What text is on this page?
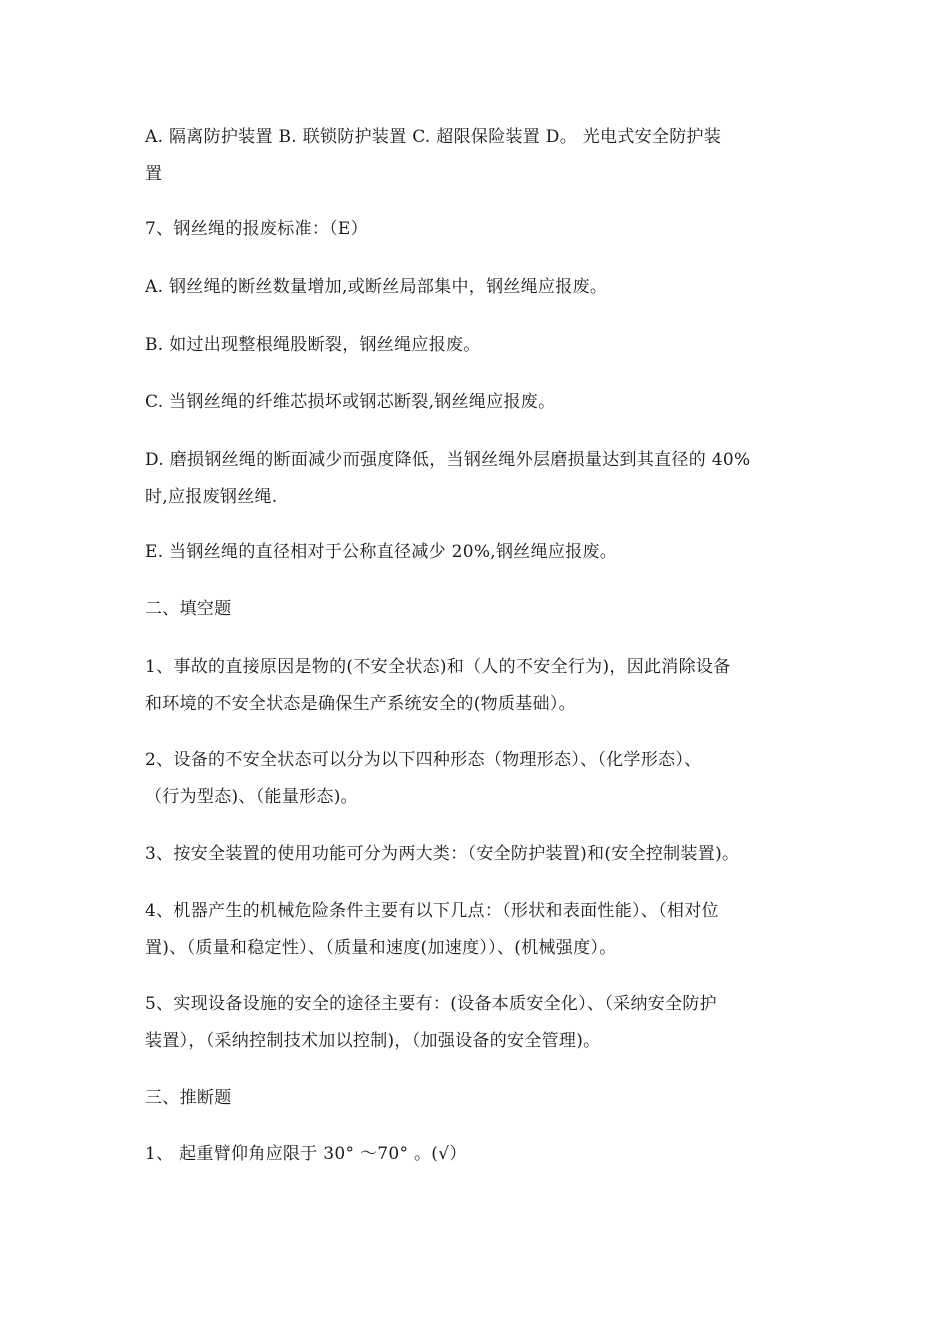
A. 隔离防护装置 B. 联锁防护装置 C. 超限保险装置 D。 光电式安全防护装
置
7、钢丝绳的报废标准：（E）
A. 钢丝绳的断丝数量增加,或断丝局部集中，钢丝绳应报废。
B. 如过出现整根绳股断裂，钢丝绳应报废。
C. 当钢丝绳的纤维芯损坏或钢芯断裂,钢丝绳应报废。
D. 磨损钢丝绳的断面减少而强度降低，当钢丝绳外层磨损量达到其直径的 40%
时,应报废钢丝绳.
E. 当钢丝绳的直径相对于公称直径减少 20%,钢丝绳应报废。
二、填空题
1、事故的直接原因是物的(不安全状态)和（人的不安全行为)，因此消除设备
和环境的不安全状态是确保生产系统安全的(物质基础）。
2、设备的不安全状态可以分为以下四种形态（物理形态）、（化学形态）、
（行为型态)、（能量形态)。
3、按安全装置的使用功能可分为两大类：（安全防护装置)和(安全控制装置)。
4、机器产生的机械危险条件主要有以下几点：（形状和表面性能）、（相对位
置)、（质量和稳定性）、（质量和速度(加速度））、(机械强度）。
5、实现设备设施的安全的途径主要有：(设备本质安全化）、（采纳安全防护
装置），（采纳控制技术加以控制)，（加强设备的安全管理)。
三、推断题
1、 起重臂仰角应限于 30° ～70° 。(√）
